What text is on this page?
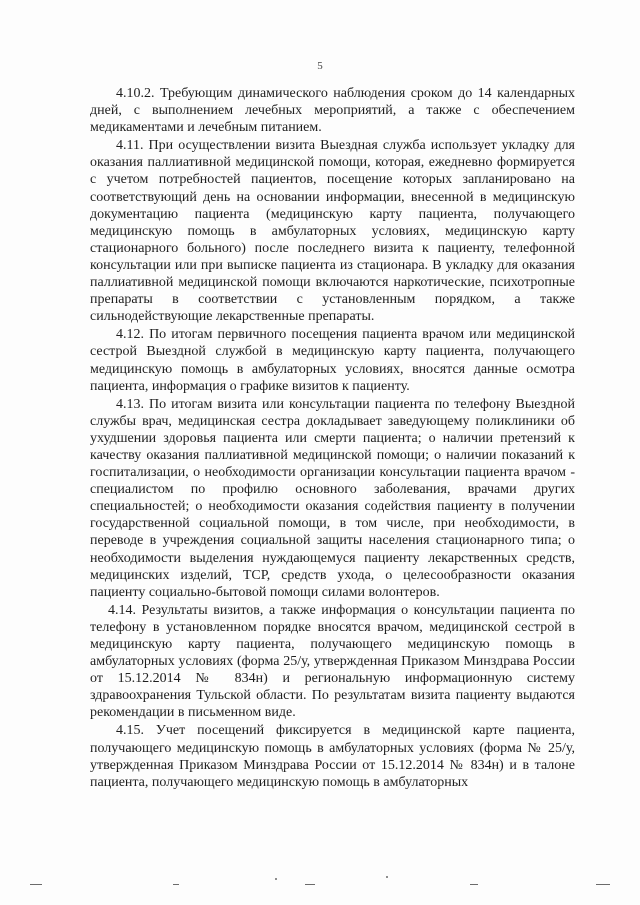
5

4.10.2. Требующим динамического наблюдения сроком до 14 календарных дней, с выполнением лечебных мероприятий, а также с обеспечением медикаментами и лечебным питанием.

4.11. При осуществлении визита Выездная служба использует укладку для оказания паллиативной медицинской помощи, которая, ежедневно формируется с учетом потребностей пациентов, посещение которых запланировано на соответствующий день на основании информации, внесенной в медицинскую документацию пациента (медицинскую карту пациента, получающего медицинскую помощь в амбулаторных условиях, медицинскую карту стационарного больного) после последнего визита к пациенту, телефонной консультации или при выписке пациента из стационара. В укладку для оказания паллиативной медицинской помощи включаются наркотические, психотропные препараты в соответствии с установленным порядком, а также сильнодействующие лекарственные препараты.

4.12. По итогам первичного посещения пациента врачом или медицинской сестрой Выездной службой в медицинскую карту пациента, получающего медицинскую помощь в амбулаторных условиях, вносятся данные осмотра пациента, информация о графике визитов к пациенту.

4.13. По итогам визита или консультации пациента по телефону Выездной службы врач, медицинская сестра докладывает заведующему поликлиники об ухудшении здоровья пациента или смерти пациента; о наличии претензий к качеству оказания паллиативной медицинской помощи; о наличии показаний к госпитализации, о необходимости организации консультации пациента врачом - специалистом по профилю основного заболевания, врачами других специальностей; о необходимости оказания содействия пациенту в получении государственной социальной помощи, в том числе, при необходимости, в переводе в учреждения социальной защиты населения стационарного типа; о необходимости выделения нуждающемуся пациенту лекарственных средств, медицинских изделий, ТСР, средств ухода, о целесообразности оказания пациенту социально-бытовой помощи силами волонтеров.

4.14. Результаты визитов, а также информация о консультации пациента по телефону в установленном порядке вносятся врачом, медицинской сестрой в медицинскую карту пациента, получающего медицинскую помощь в амбулаторных условиях (форма 25/у, утвержденная Приказом Минздрава России от 15.12.2014 № 834н) и региональную информационную систему здравоохранения Тульской области. По результатам визита пациенту выдаются рекомендации в письменном виде.

4.15. Учет посещений фиксируется в медицинской карте пациента, получающего медицинскую помощь в амбулаторных условиях (форма № 25/у, утвержденная Приказом Минздрава России от 15.12.2014 № 834н) и в талоне пациента, получающего медицинскую помощь в амбулаторных
